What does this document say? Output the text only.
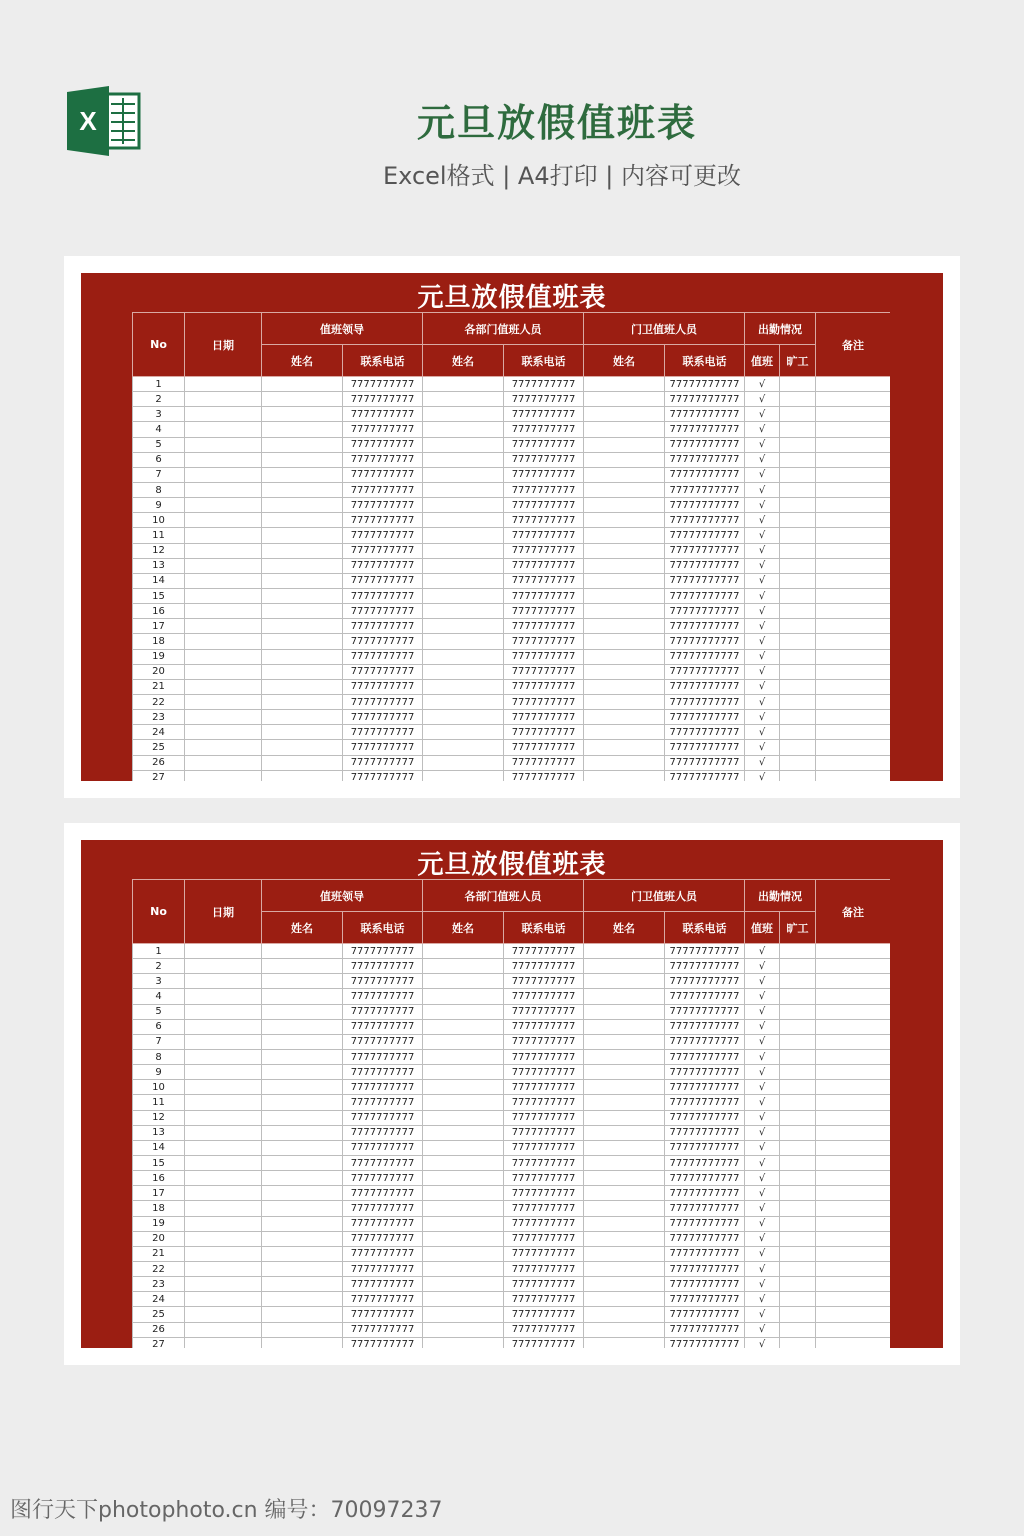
X	元旦放假值班表
Excel格式 | A4打印 | 内容可更改
元旦放假值班表
No	日期	值班领导		各部门值班人员		门卫值班人员		出勤情况		备注
		姓名	联系电话	姓名	联系电话	姓名	联系电话	值班	旷工	
1			7777777777		7777777777		77777777777	√		
2			7777777777		7777777777		77777777777	√		
3			7777777777		7777777777		77777777777	√		
4			7777777777		7777777777		77777777777	√		
5			7777777777		7777777777		77777777777	√		
6			7777777777		7777777777		77777777777	√		
7			7777777777		7777777777		77777777777	√		
8			7777777777		7777777777		77777777777	√		
9			7777777777		7777777777		77777777777	√		
10			7777777777		7777777777		77777777777	√		
11			7777777777		7777777777		77777777777	√		
12			7777777777		7777777777		77777777777	√		
13			7777777777		7777777777		77777777777	√		
14			7777777777		7777777777		77777777777	√		
15			7777777777		7777777777		77777777777	√		
16			7777777777		7777777777		77777777777	√		
17			7777777777		7777777777		77777777777	√		
18			7777777777		7777777777		77777777777	√		
19			7777777777		7777777777		77777777777	√		
20			7777777777		7777777777		77777777777	√		
21			7777777777		7777777777		77777777777	√		
22			7777777777		7777777777		77777777777	√		
23			7777777777		7777777777		77777777777	√		
24			7777777777		7777777777		77777777777	√		
25			7777777777		7777777777		77777777777	√		
26			7777777777		7777777777		77777777777	√		
27			7777777777		7777777777		77777777777	√		
元旦放假值班表
No	日期	值班领导		各部门值班人员		门卫值班人员		出勤情况		备注
		姓名	联系电话	姓名	联系电话	姓名	联系电话	值班	旷工	
1			7777777777		7777777777		77777777777	√		
2			7777777777		7777777777		77777777777	√		
3			7777777777		7777777777		77777777777	√		
4			7777777777		7777777777		77777777777	√		
5			7777777777		7777777777		77777777777	√		
6			7777777777		7777777777		77777777777	√		
7			7777777777		7777777777		77777777777	√		
8			7777777777		7777777777		77777777777	√		
9			7777777777		7777777777		77777777777	√		
10			7777777777		7777777777		77777777777	√		
11			7777777777		7777777777		77777777777	√		
12			7777777777		7777777777		77777777777	√		
13			7777777777		7777777777		77777777777	√		
14			7777777777		7777777777		77777777777	√		
15			7777777777		7777777777		77777777777	√		
16			7777777777		7777777777		77777777777	√		
17			7777777777		7777777777		77777777777	√		
18			7777777777		7777777777		77777777777	√		
19			7777777777		7777777777		77777777777	√		
20			7777777777		7777777777		77777777777	√		
21			7777777777		7777777777		77777777777	√		
22			7777777777		7777777777		77777777777	√		
23			7777777777		7777777777		77777777777	√		
24			7777777777		7777777777		77777777777	√		
25			7777777777		7777777777		77777777777	√		
26			7777777777		7777777777		77777777777	√		
27			7777777777		7777777777		77777777777	√		
图行天下photophoto.cn 编号：70097237
